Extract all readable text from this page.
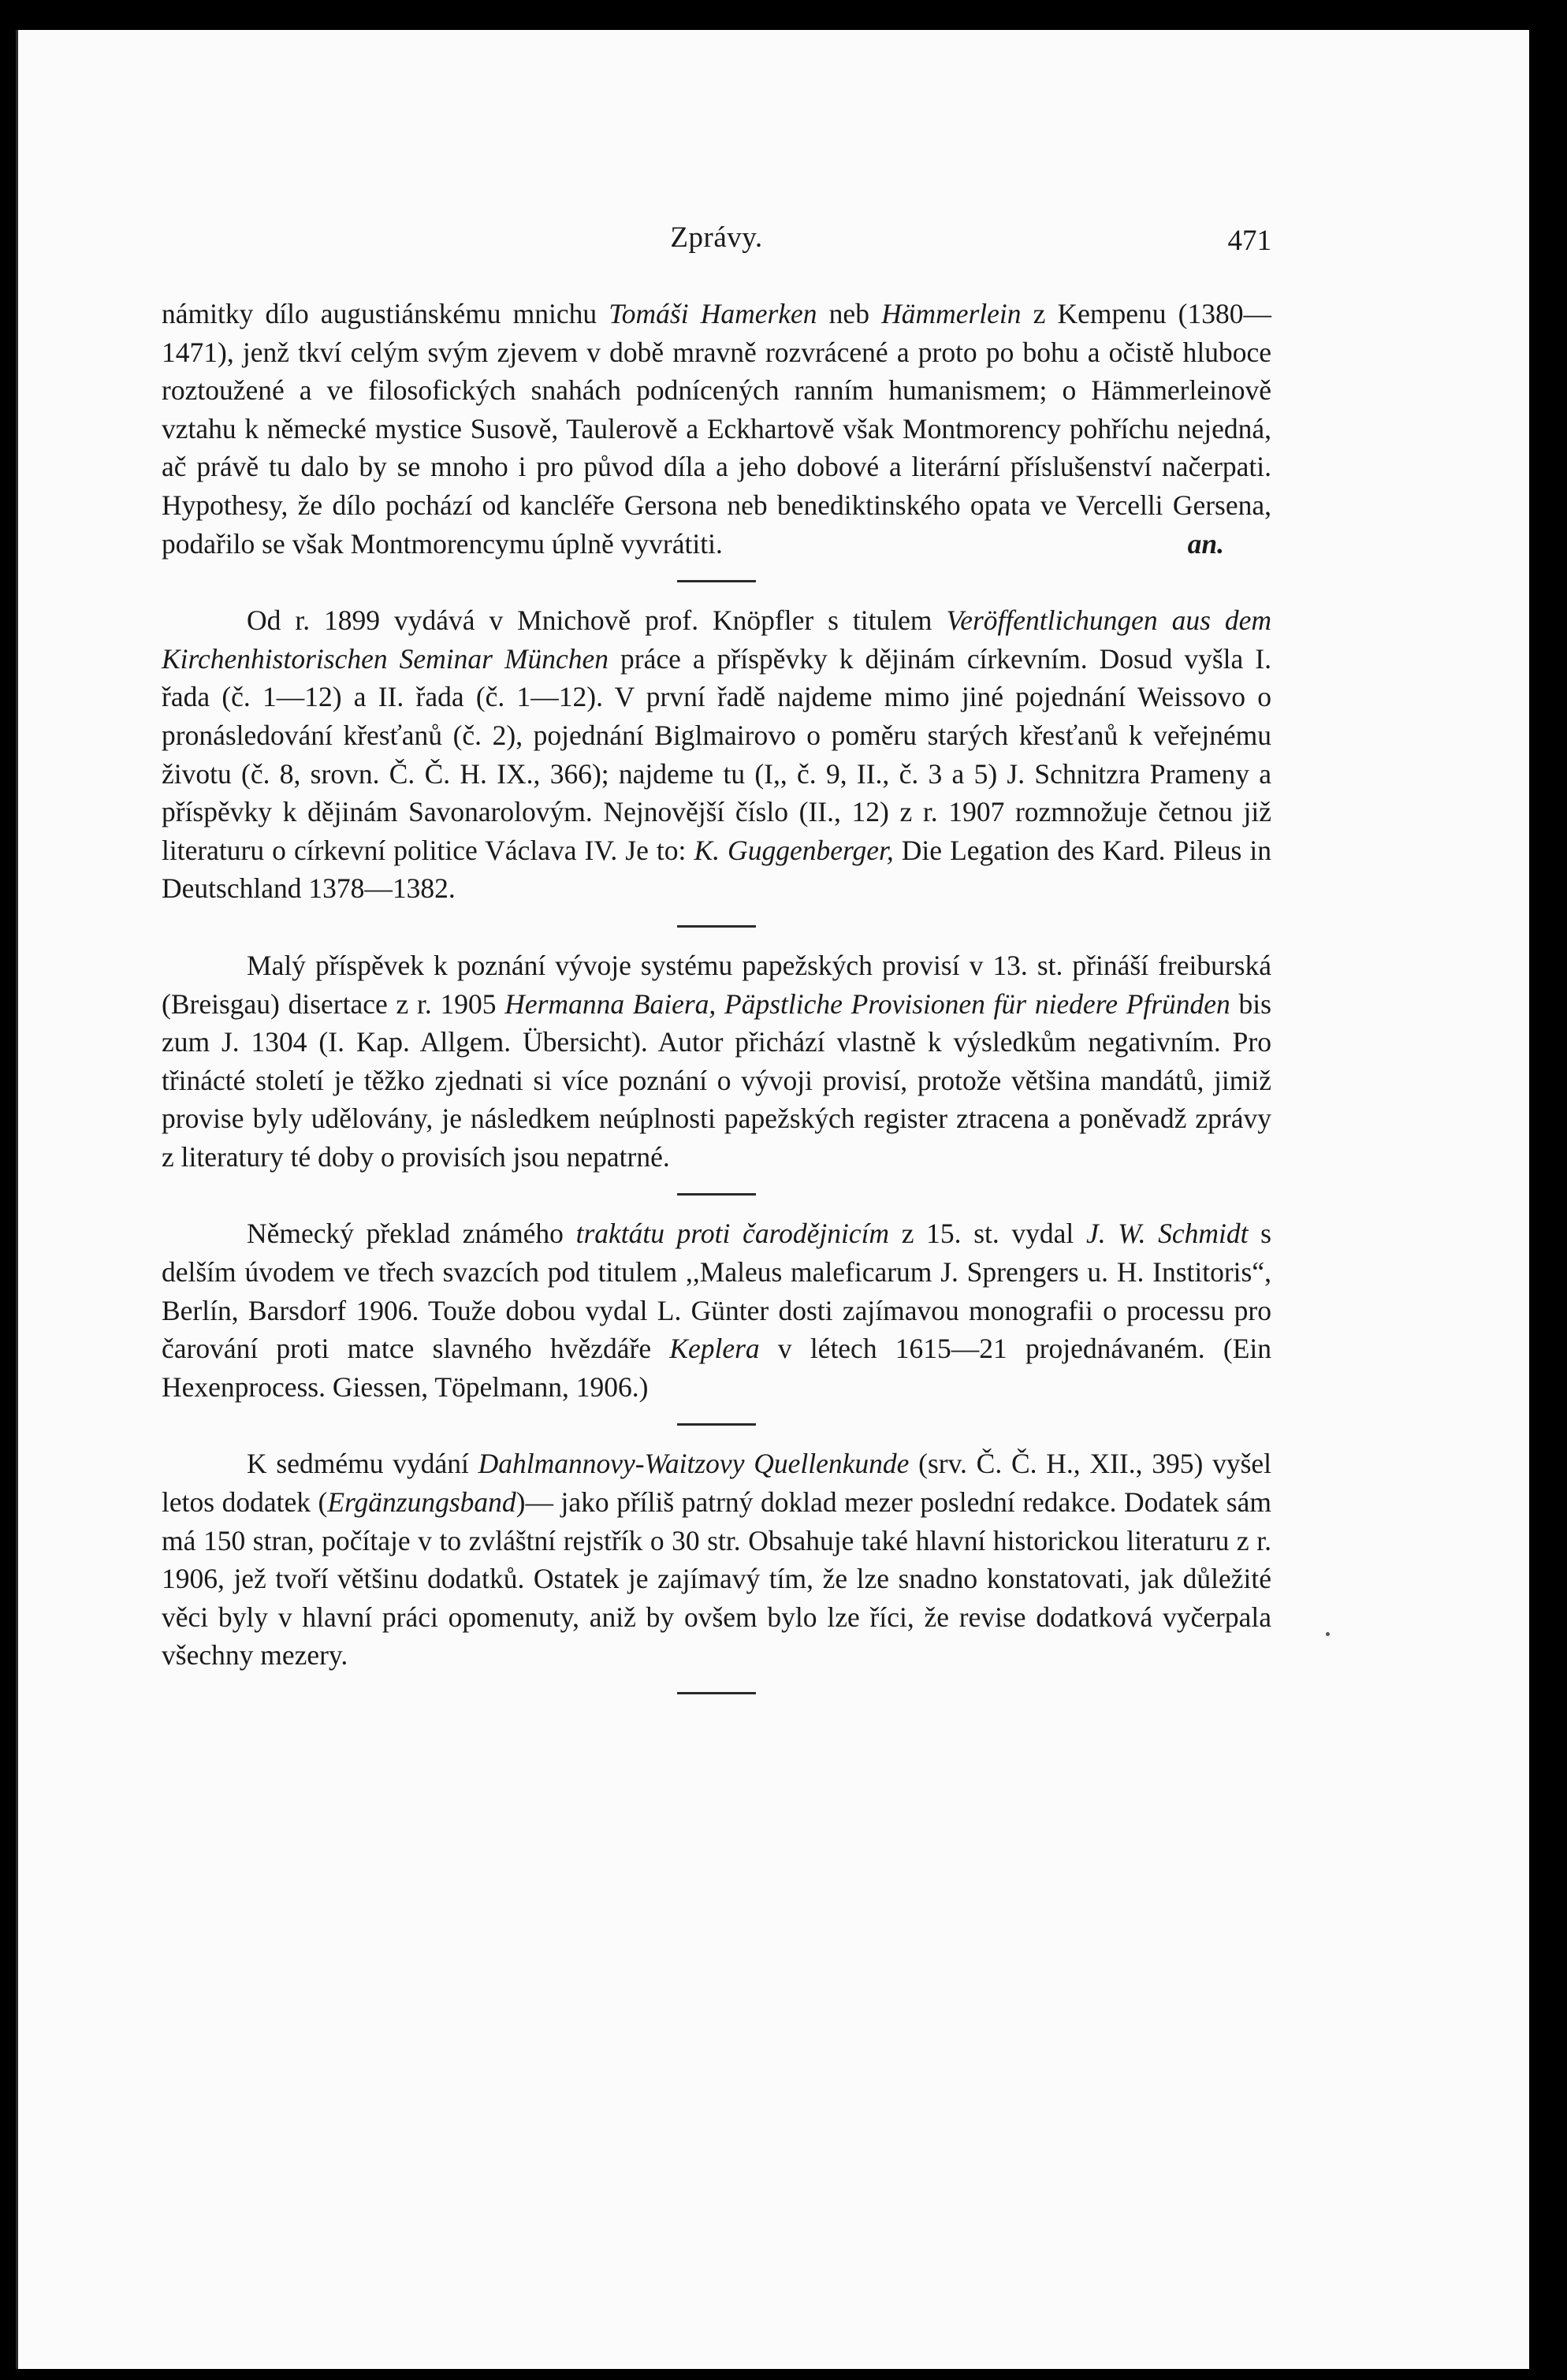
Zprávy.	471

námitky dílo augustiánskému mnichu Tomáši Hamerken neb Hämmerlein z Kempenu (1380—1471), jenž tkví celým svým zjevem v době mravně rozvrácené a proto po bohu a očistě hluboce roztoužené a ve filosofických snahách podnícených ranním humanismem; o Hämmerleinově vztahu k německé mystice Susově, Taulerově a Eckhartově však Montmorency pohříchu nejedná, ač právě tu dalo by se mnoho i pro původ díla a jeho dobové a literární příslušenství načerpati. Hypothesy, že dílo pochází od kancléře Gersona neb benediktinského opata ve Vercelli Gersena, podařilo se však Montmorencymu úplně vyvrátiti.	an.

Od r. 1899 vydává v Mnichově prof. Knöpfler s titulem Veröffentlichungen aus dem Kirchenhistorischen Seminar München práce a příspěvky k dějinám církevním. Dosud vyšla I. řada (č. 1—12) a II. řada (č. 1—12). V první řadě najdeme mimo jiné pojednání Weissovo o pronásledování křesťanů (č. 2), pojednání Biglmairovo o poměru starých křesťanů k veřejnému životu (č. 8, srovn. Č. Č. H. IX., 366); najdeme tu (I,, č. 9, II., č. 3 a 5) J. Schnitzra Prameny a příspěvky k dějinám Savonarolovým. Nejnovější číslo (II., 12) z r. 1907 rozmnožuje četnou již literaturu o církevní politice Václava IV. Je to: K. Guggenberger, Die Legation des Kard. Pileus in Deutschland 1378—1382.

Malý příspěvek k poznání vývoje systému papežských provisí v 13. st. přináší freiburská (Breisgau) disertace z r. 1905 Hermanna Baiera, Päpstliche Provisionen für niedere Pfründen bis zum J. 1304 (I. Kap. Allgem. Übersicht). Autor přichází vlastně k výsledkům negativním. Pro třinácté století je těžko zjednati si více poznání o vývoji provisí, protože většina mandátů, jimiž provise byly udělovány, je následkem neúplnosti papežských register ztracena a poněvadž zprávy z literatury té doby o provisích jsou nepatrné.

Německý překlad známého traktátu proti čarodějnicím z 15. st. vydal J. W. Schmidt s delším úvodem ve třech svazcích pod titulem ,,Maleus maleficarum J. Sprengers u. H. Institoris“, Berlín, Barsdorf 1906. Touže dobou vydal L. Günter dosti zajímavou monografii o processu pro čarování proti matce slavného hvězdáře Keplera v létech 1615—21 projednávaném. (Ein Hexenprocess. Giessen, Töpelmann, 1906.)

K sedmému vydání Dahlmannovy-Waitzovy Quellenkunde (srv. Č. Č. H., XII., 395) vyšel letos dodatek (Ergänzungsband)— jako příliš patrný doklad mezer poslední redakce. Dodatek sám má 150 stran, počítaje v to zvláštní rejstřík o 30 str. Obsahuje také hlavní historickou literaturu z r. 1906, jež tvoří většinu dodatků. Ostatek je zajímavý tím, že lze snadno konstatovati, jak důležité věci byly v hlavní práci opomenuty, aniž by ovšem bylo lze říci, že revise dodatková vyčerpala všechny mezery.
